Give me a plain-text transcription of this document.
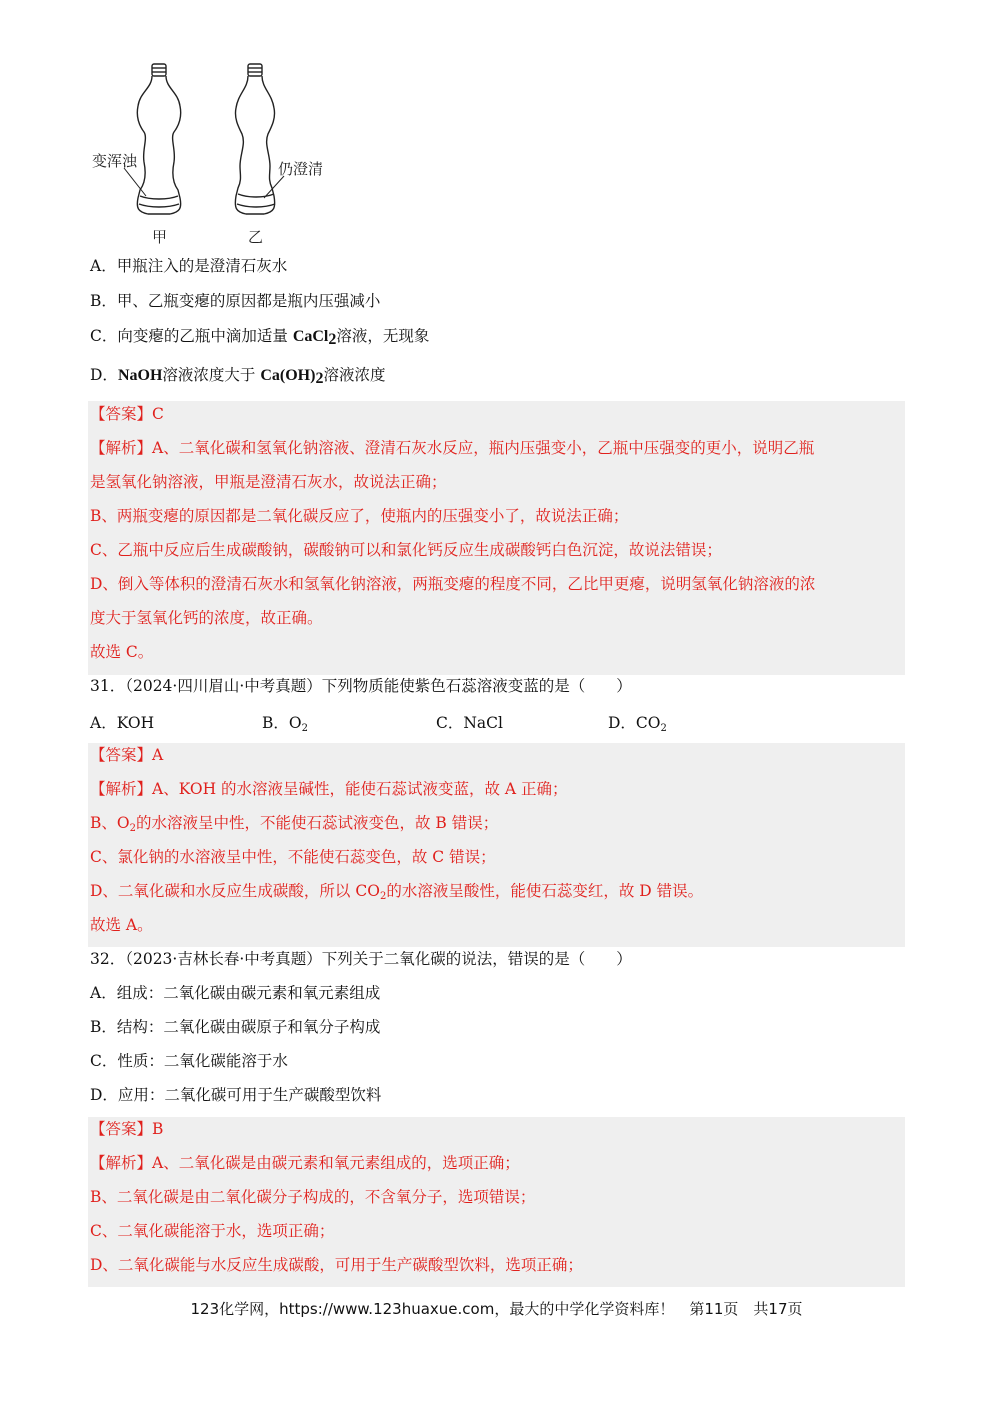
变浑浊	仍澄清
甲	乙
A．甲瓶注入的是澄清石灰水
B．甲、乙瓶变瘪的原因都是瓶内压强减小
C．向变瘪的乙瓶中滴加适量 CaCl$_2$溶液，无现象
D．NaOH溶液浓度大于 $Ca(OH)_2$溶液浓度
【答案】C
【解析】A、二氧化碳和氢氧化钠溶液、澄清石灰水反应，瓶内压强变小，乙瓶中压强变的更小，说明乙瓶
是氢氧化钠溶液，甲瓶是澄清石灰水，故说法正确；
B、两瓶变瘪的原因都是二氧化碳反应了，使瓶内的压强变小了，故说法正确；
C、乙瓶中反应后生成碳酸钠，碳酸钠可以和氯化钙反应生成碳酸钙白色沉淀，故说法错误；
D、倒入等体积的澄清石灰水和氢氧化钠溶液，两瓶变瘪的程度不同，乙比甲更瘪，说明氢氧化钠溶液的浓
度大于氢氧化钙的浓度，故正确。
故选 C。
31．（2024·四川眉山·中考真题）下列物质能使紫色石蕊溶液变蓝的是（　　）
A．KOH	B．$O_2$	C．NaCl	D．$CO_2$
【答案】A
【解析】A、KOH 的水溶液呈碱性，能使石蕊试液变蓝，故 A 正确；
B、$O_2$的水溶液呈中性，不能使石蕊试液变色，故 B 错误；
C、氯化钠的水溶液呈中性，不能使石蕊变色，故 C 错误；
D、二氧化碳和水反应生成碳酸，所以 $CO_2$的水溶液呈酸性，能使石蕊变红，故 D 错误。
故选 A。
32．（2023·吉林长春·中考真题）下列关于二氧化碳的说法，错误的是（　　）
A．组成：二氧化碳由碳元素和氧元素组成
B．结构：二氧化碳由碳原子和氧分子构成
C．性质：二氧化碳能溶于水
D．应用：二氧化碳可用于生产碳酸型饮料
【答案】B
【解析】A、二氧化碳是由碳元素和氧元素组成的，选项正确；
B、二氧化碳是由二氧化碳分子构成的，不含氧分子，选项错误；
C、二氧化碳能溶于水，选项正确；
D、二氧化碳能与水反应生成碳酸，可用于生产碳酸型饮料，选项正确；
123化学网，https://www.123huaxue.com，最大的中学化学资料库！　第11页　共17页
